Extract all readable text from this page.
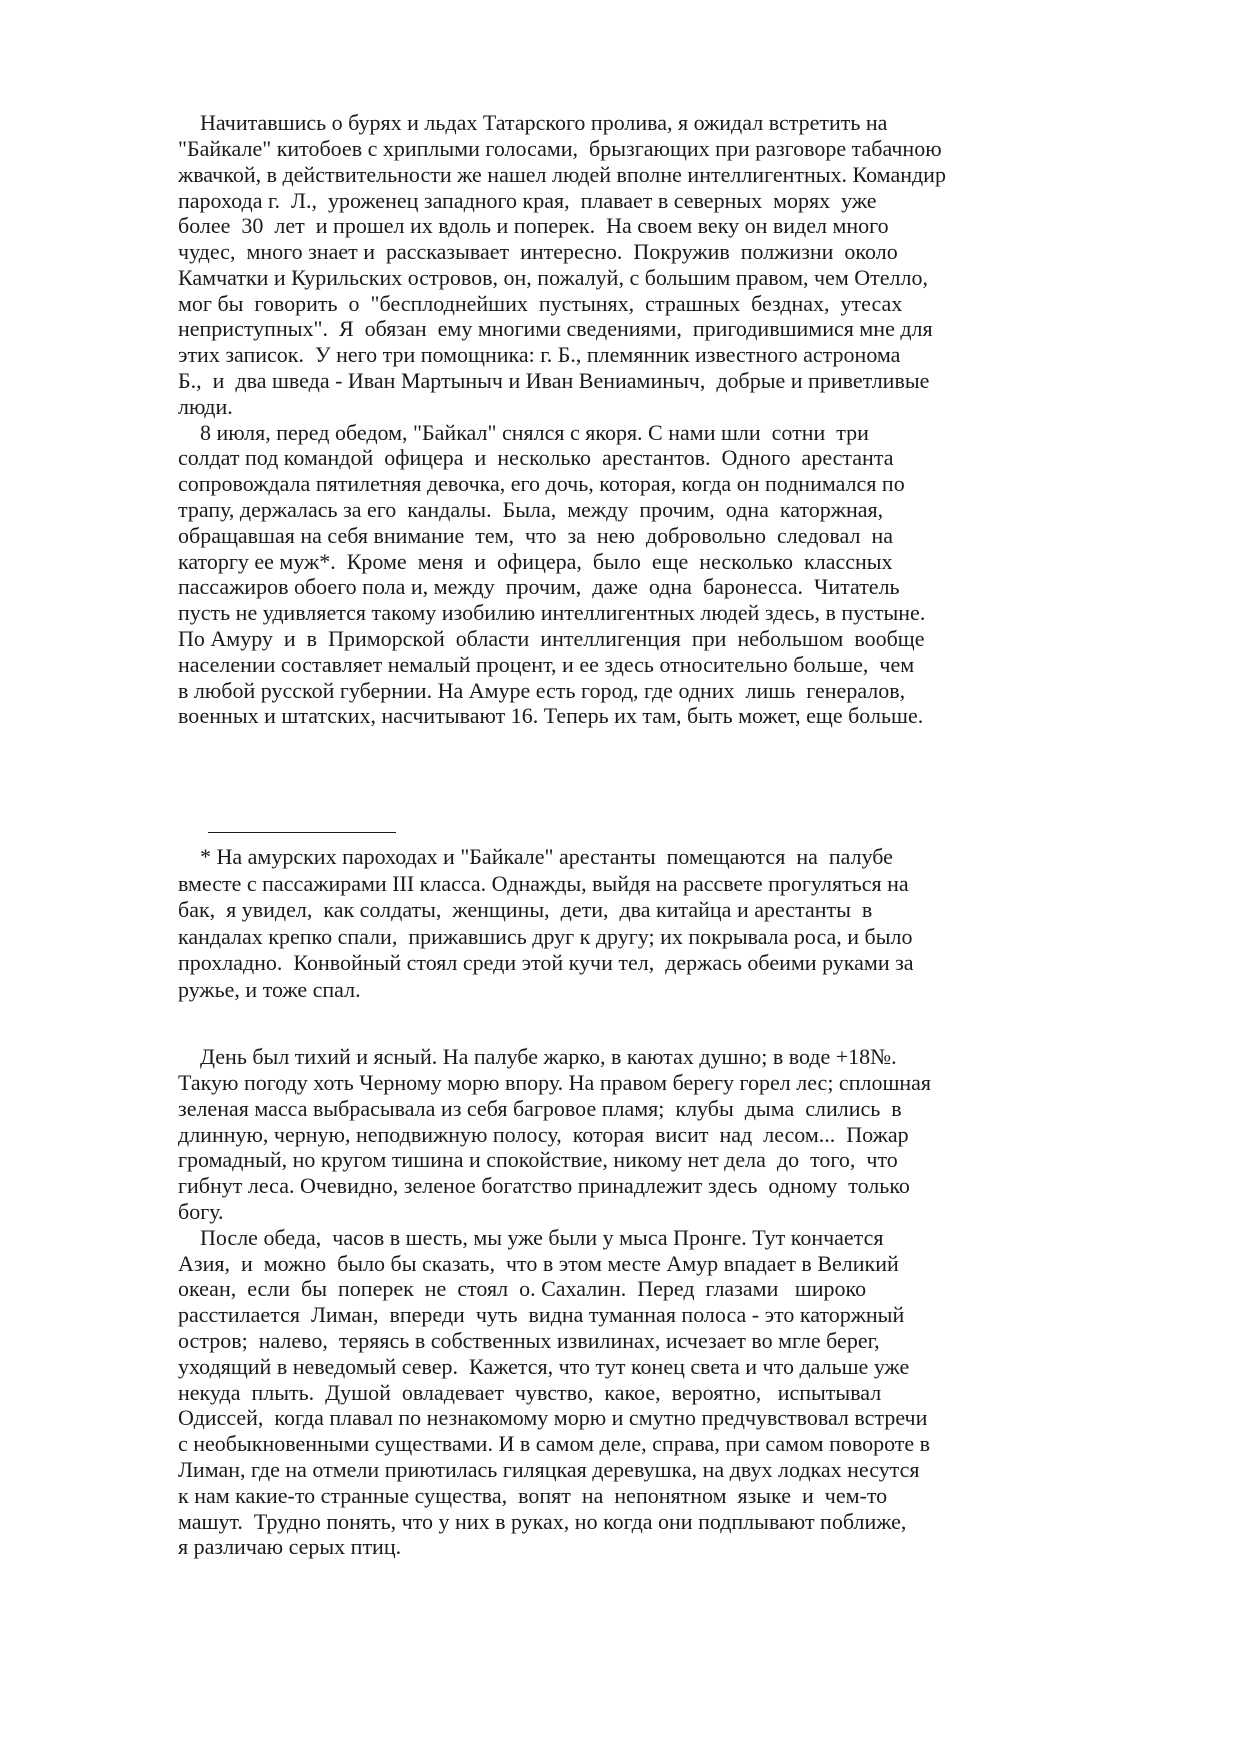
Начитавшись о бурях и льдах Татарского пролива, я ожидал встретить на

"Байкале" китобоев с хриплыми голосами,  брызгающих при разговоре табачною

жвачкой, в действительности же нашел людей вполне интеллигентных. Командир

парохода г.  Л.,  уроженец западного края,  плавает в северных  морях  уже

более  30  лет  и прошел их вдоль и поперек.  На своем веку он видел много

чудес,  много знает и  рассказывает  интересно.  Покружив  полжизни  около

Камчатки и Курильских островов, он, пожалуй, с большим правом, чем Отелло,

мог бы  говорить  о  "бесплоднейших  пустынях,  страшных  безднах,  утесах

неприступных".  Я  обязан  ему многими сведениями,  пригодившимися мне для

этих записок.  У него три помощника: г. Б., племянник известного астронома

Б.,  и  два шведа - Иван Мартыныч и Иван Вениаминыч,  добрые и приветливые

люди.

8 июля, перед обедом, "Байкал" снялся с якоря. С нами шли  сотни  три

солдат под командой  офицера  и  несколько  арестантов.  Одного  арестанта

сопровождала пятилетняя девочка, его дочь, которая, когда он поднимался по

трапу, держалась за его  кандалы.  Была,  между  прочим,  одна  каторжная,

обращавшая на себя внимание  тем,  что  за  нею  добровольно  следовал  на

каторгу ее муж*.  Кроме  меня  и  офицера,  было  еще  несколько  классных

пассажиров обоего пола и, между  прочим,  даже  одна  баронесса.  Читатель

пусть не удивляется такому изобилию интеллигентных людей здесь, в пустыне.

По Амуру  и  в  Приморской  области  интеллигенция  при  небольшом  вообще

населении составляет немалый процент, и ее здесь относительно больше,  чем

в любой русской губернии. На Амуре есть город, где одних  лишь  генералов,

военных и штатских, насчитывают 16. Теперь их там, быть может, еще больше.

* На амурских пароходах и "Байкале" арестанты  помещаются  на  палубе

вместе с пассажирами III класса. Однажды, выйдя на рассвете прогуляться на

бак,  я увидел,  как солдаты,  женщины,  дети,  два китайца и арестанты  в

кандалах крепко спали,  прижавшись друг к другу; их покрывала роса, и было

прохладно.  Конвойный стоял среди этой кучи тел,  держась обеими руками за

ружье, и тоже спал.

День был тихий и ясный. На палубе жарко, в каютах душно; в воде +18№.

Такую погоду хоть Черному морю впору. На правом берегу горел лес; сплошная

зеленая масса выбрасывала из себя багровое пламя;  клубы  дыма  слились  в

длинную, черную, неподвижную полосу,  которая  висит  над  лесом...  Пожар

громадный, но кругом тишина и спокойствие, никому нет дела  до  того,  что

гибнут леса. Очевидно, зеленое богатство принадлежит здесь  одному  только

богу.

После обеда,  часов в шесть, мы уже были у мыса Пронге. Тут кончается

Азия,  и  можно  было бы сказать,  что в этом месте Амур впадает в Великий

океан,  если  бы  поперек  не  стоял  о. Сахалин.  Перед  глазами   широко

расстилается  Лиман,  впереди  чуть  видна туманная полоса - это каторжный

остров;  налево,  теряясь в собственных извилинах, исчезает во мгле берег,

уходящий в неведомый север.  Кажется, что тут конец света и что дальше уже

некуда  плыть.  Душой  овладевает  чувство,  какое,  вероятно,   испытывал

Одиссей,  когда плавал по незнакомому морю и смутно предчувствовал встречи

с необыкновенными существами. И в самом деле, справа, при самом повороте в

Лиман, где на отмели приютилась гиляцкая деревушка, на двух лодках несутся

к нам какие-то странные существа,  вопят  на  непонятном  языке  и  чем-то

машут.  Трудно понять, что у них в руках, но когда они подплывают поближе,

я различаю серых птиц.
